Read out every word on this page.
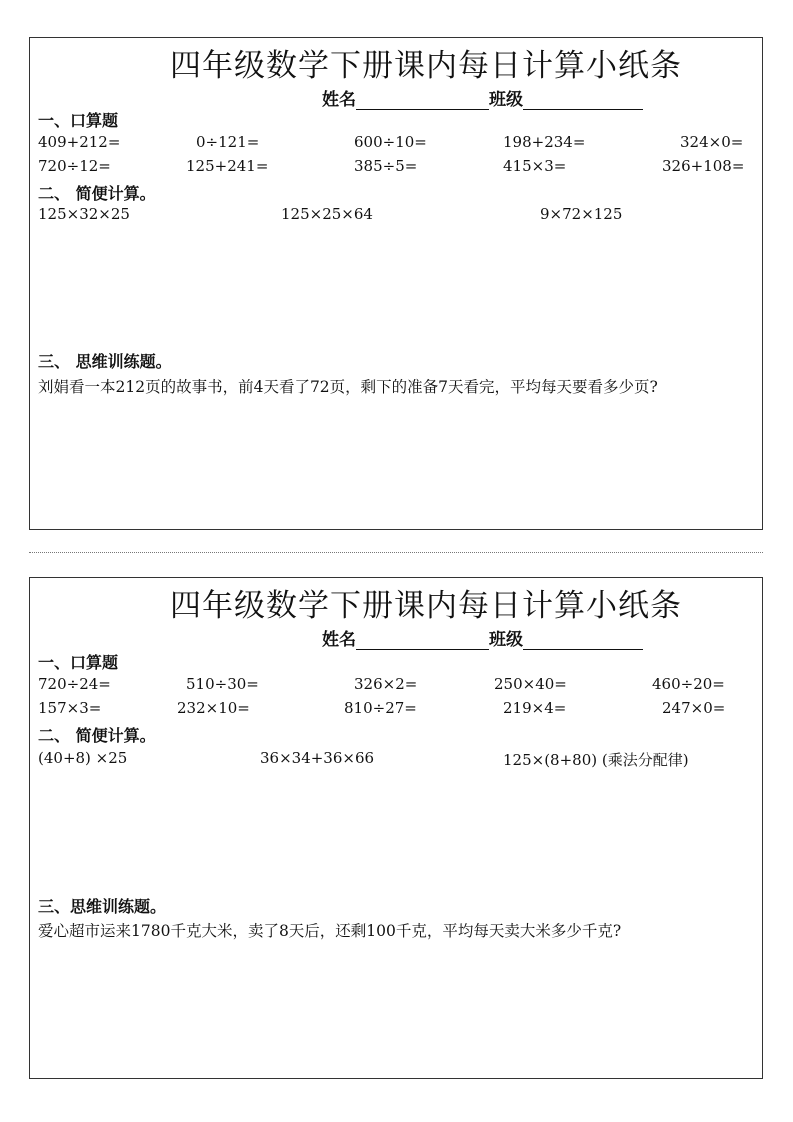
四年级数学下册课内每日计算小纸条
姓名	班级
一、口算题
409+212=	0÷121=	600÷10=	198+234=	324×0=
720÷12=	125+241=	385÷5=	415×3=	326+108=
二、 简便计算。
125×32×25	125×25×64	9×72×125
三、 思维训练题。
刘娟看一本212页的故事书，前4天看了72页，剩下的准备7天看完，平均每天要看多少页?
四年级数学下册课内每日计算小纸条
姓名	班级
一、口算题
720÷24=	510÷30=	326×2=	250×40=	460÷20=
157×3=	232×10=	810÷27=	219×4=	247×0=
二、 简便计算。
(40+8) ×25	36×34+36×66	125×(8+80) (乘法分配律)
三、思维训练题。
爱心超市运来1780千克大米，卖了8天后，还剩100千克，平均每天卖大米多少千克?
